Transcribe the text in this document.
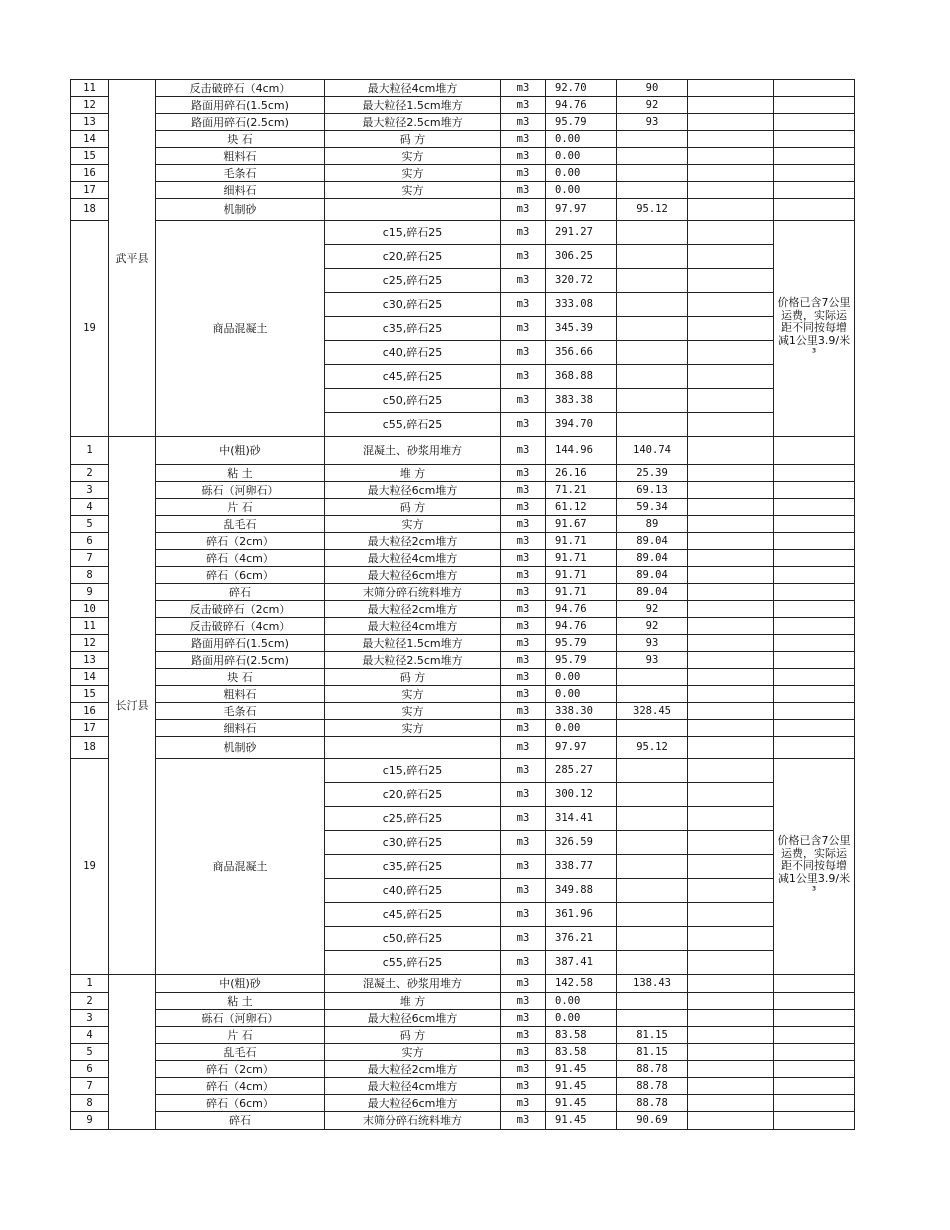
11	武平县	反击破碎石（4cm）	最大粒径4cm堆方	m3	92.70	90		
12		路面用碎石(1.5cm)	最大粒径1.5cm堆方	m3	94.76	92		
13		路面用碎石(2.5cm)	最大粒径2.5cm堆方	m3	95.79	93		
14		块 石	码 方	m3	0.00			
15		粗料石	实方	m3	0.00			
16		毛条石	实方	m3	0.00			
17		细料石	实方	m3	0.00			
18		机制砂		m3	97.97	95.12		
19		商品混凝土	c15,碎石25	m3	291.27			价格已含7公里运费，实际运距不同按每增减1公里3.9/米³
			c20,碎石25	m3	306.25			
			c25,碎石25	m3	320.72			
			c30,碎石25	m3	333.08			
			c35,碎石25	m3	345.39			
			c40,碎石25	m3	356.66			
			c45,碎石25	m3	368.88			
			c50,碎石25	m3	383.38			
			c55,碎石25	m3	394.70			
1	长汀县	中(粗)砂	混凝土、砂浆用堆方	m3	144.96	140.74		
2		粘 土	堆 方	m3	26.16	25.39		
3		砾石（河卵石）	最大粒径6cm堆方	m3	71.21	69.13		
4		片 石	码 方	m3	61.12	59.34		
5		乱毛石	实方	m3	91.67	89		
6		碎石（2cm）	最大粒径2cm堆方	m3	91.71	89.04		
7		碎石（4cm）	最大粒径4cm堆方	m3	91.71	89.04		
8		碎石（6cm）	最大粒径6cm堆方	m3	91.71	89.04		
9		碎石	末筛分碎石统料堆方	m3	91.71	89.04		
10		反击破碎石（2cm）	最大粒径2cm堆方	m3	94.76	92		
11		反击破碎石（4cm）	最大粒径4cm堆方	m3	94.76	92		
12		路面用碎石(1.5cm)	最大粒径1.5cm堆方	m3	95.79	93		
13		路面用碎石(2.5cm)	最大粒径2.5cm堆方	m3	95.79	93		
14		块 石	码 方	m3	0.00			
15		粗料石	实方	m3	0.00			
16		毛条石	实方	m3	338.30	328.45		
17		细料石	实方	m3	0.00			
18		机制砂		m3	97.97	95.12		
19		商品混凝土	c15,碎石25	m3	285.27			价格已含7公里运费，实际运距不同按每增减1公里3.9/米³
			c20,碎石25	m3	300.12			
			c25,碎石25	m3	314.41			
			c30,碎石25	m3	326.59			
			c35,碎石25	m3	338.77			
			c40,碎石25	m3	349.88			
			c45,碎石25	m3	361.96			
			c50,碎石25	m3	376.21			
			c55,碎石25	m3	387.41			
1		中(粗)砂	混凝土、砂浆用堆方	m3	142.58	138.43		
2		粘 土	堆 方	m3	0.00			
3		砾石（河卵石）	最大粒径6cm堆方	m3	0.00			
4		片 石	码 方	m3	83.58	81.15		
5		乱毛石	实方	m3	83.58	81.15		
6		碎石（2cm）	最大粒径2cm堆方	m3	91.45	88.78		
7		碎石（4cm）	最大粒径4cm堆方	m3	91.45	88.78		
8		碎石（6cm）	最大粒径6cm堆方	m3	91.45	88.78		
9		碎石	末筛分碎石统料堆方	m3	91.45	90.69		
